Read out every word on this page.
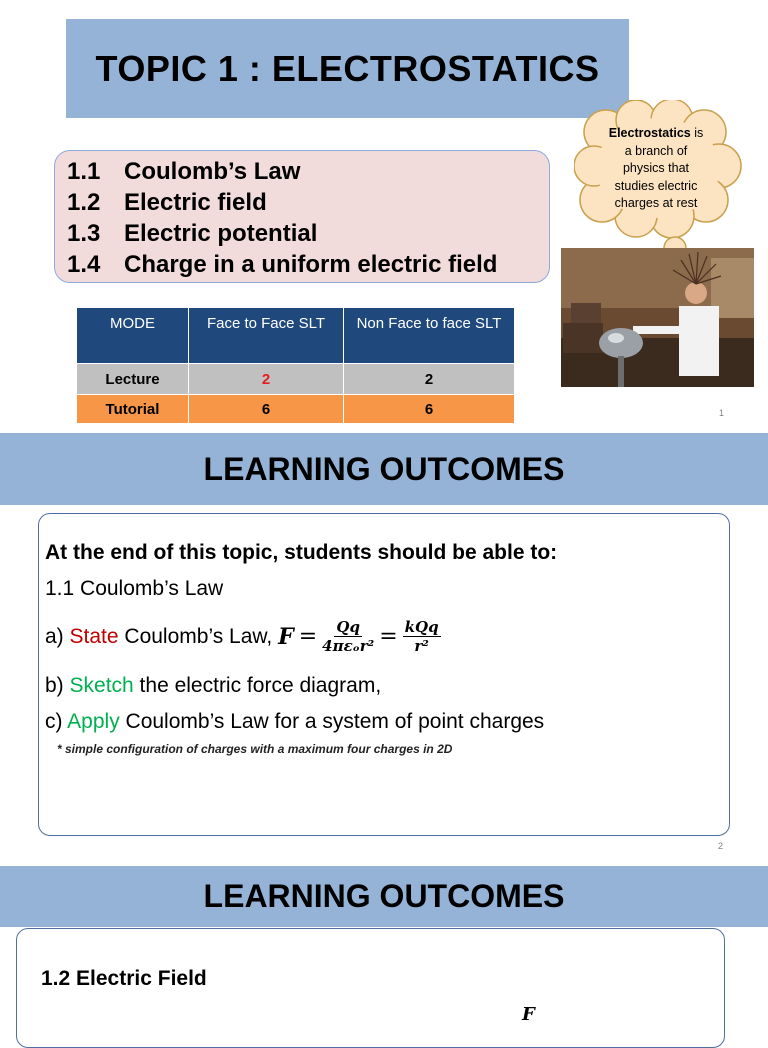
TOPIC 1 : ELECTROSTATICS
1.1 Coulomb’s Law
1.2 Electric field
1.3 Electric potential
1.4 Charge in a uniform electric field
Electrostatics is
a branch of
physics that
studies electric
charges at rest
MODE	Face to Face SLT	Non Face to face SLT
Lecture	2	2
Tutorial	6	6	1
LEARNING OUTCOMES
At the end of this topic, students should be able to:
1.1 Coulomb’s Law
a) State Coulomb’s Law, $F = \frac{Qq}{\text{4πεₒr²}} = \frac{\text{kQq}}{\text{r²}}$
b) Sketch the electric force diagram,
c) Apply Coulomb’s Law for a system of point charges
* simple configuration of charges with a maximum four charges in 2D
2
LEARNING OUTCOMES
1.2 Electric Field
F
